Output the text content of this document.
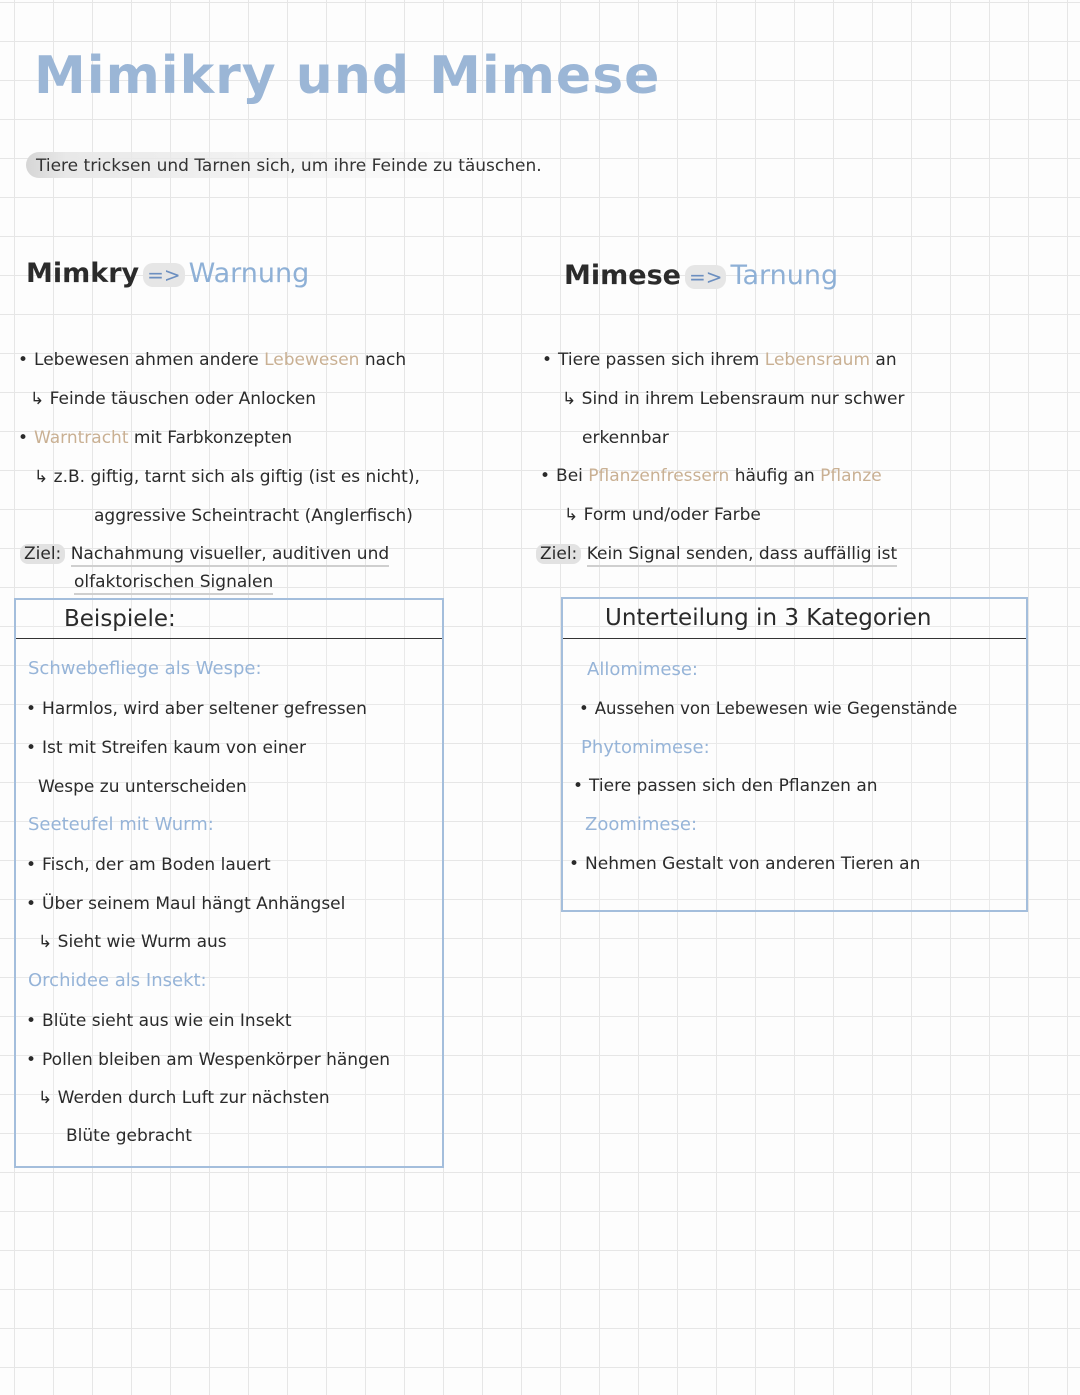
Mimikry und Mimese
Tiere tricksen und Tarnen sich, um ihre Feinde zu täuschen.
Mimkry => Warnung
• Lebewesen ahmen andere Lebewesen nach
↳ Feinde täuschen oder Anlocken
• Warntracht mit Farbkonzepten
↳ z.B. giftig, tarnt sich als giftig (ist es nicht),
aggressive Scheintracht (Anglerfisch)
Ziel: Nachahmung visueller, auditiven und
olfaktorischen Signalen
Beispiele:
Schwebefliege als Wespe:
• Harmlos, wird aber seltener gefressen
• Ist mit Streifen kaum von einer
Wespe zu unterscheiden
Seeteufel mit Wurm:
• Fisch, der am Boden lauert
• Über seinem Maul hängt Anhängsel
↳ Sieht wie Wurm aus
Orchidee als Insekt:
• Blüte sieht aus wie ein Insekt
• Pollen bleiben am Wespenkörper hängen
↳ Werden durch Luft zur nächsten
Blüte gebracht
Mimese => Tarnung
• Tiere passen sich ihrem Lebensraum an
↳ Sind in ihrem Lebensraum nur schwer
erkennbar
• Bei Pflanzenfressern häufig an Pflanze
↳ Form und/oder Farbe
Ziel: Kein Signal senden, dass auffällig ist
Unterteilung in 3 Kategorien
Allomimese:
• Aussehen von Lebewesen wie Gegenstände
Phytomimese:
• Tiere passen sich den Pflanzen an
Zoomimese:
• Nehmen Gestalt von anderen Tieren an
